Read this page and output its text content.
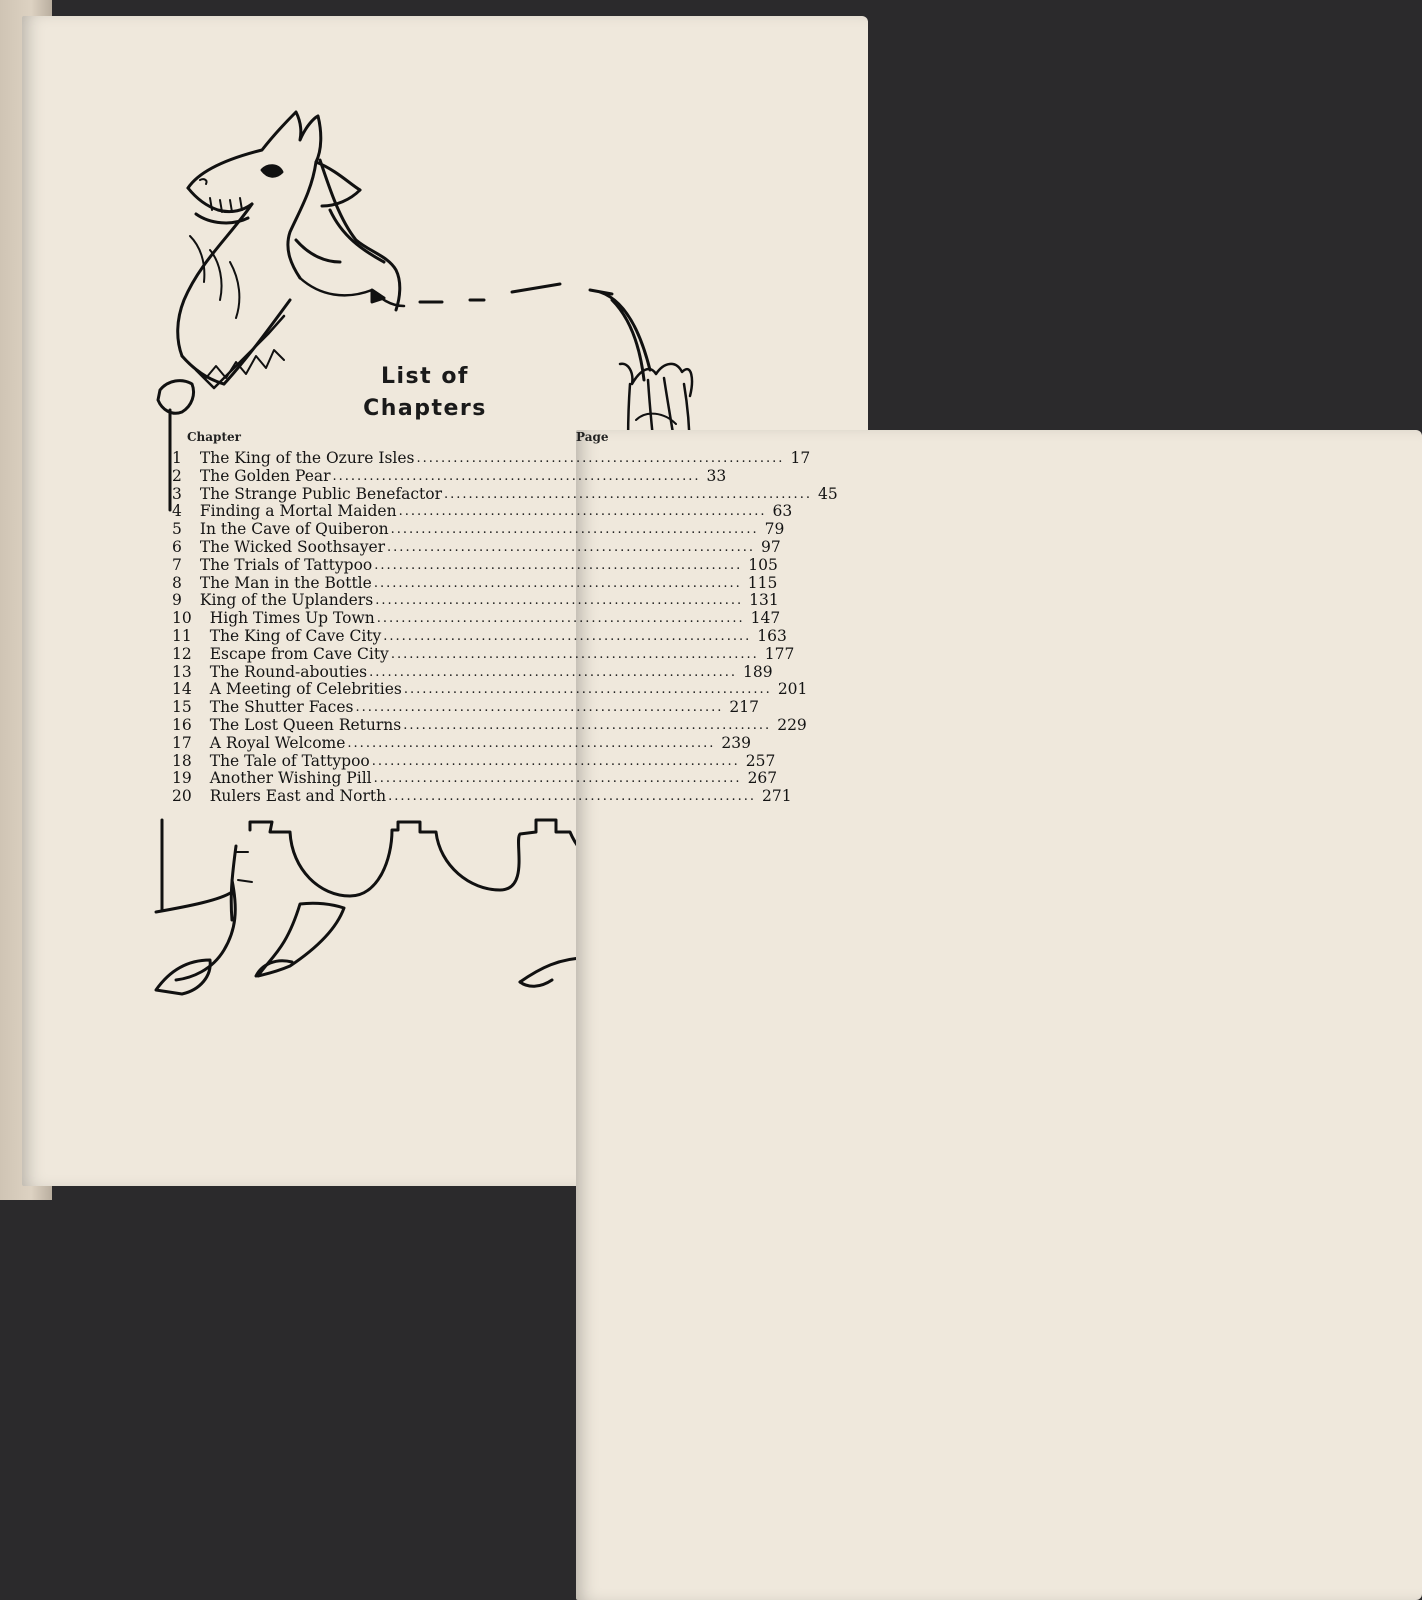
List of
Chapters
Chapter	Page
1 The King of the Ozure Isles ............................................................ 17
2 The Golden Pear ............................................................ 33
3 The Strange Public Benefactor ............................................................ 45
4 Finding a Mortal Maiden ............................................................ 63
5 In the Cave of Quiberon ............................................................ 79
6 The Wicked Soothsayer ............................................................ 97
7 The Trials of Tattypoo ............................................................ 105
8 The Man in the Bottle ............................................................ 115
9 King of the Uplanders ............................................................ 131
10 High Times Up Town ............................................................ 147
11 The King of Cave City ............................................................ 163
12 Escape from Cave City ............................................................ 177
13 The Round-abouties ............................................................ 189
14 A Meeting of Celebrities ............................................................ 201
15 The Shutter Faces ............................................................ 217
16 The Lost Queen Returns ............................................................ 229
17 A Royal Welcome ............................................................ 239
18 The Tale of Tattypoo ............................................................ 257
19 Another Wishing Pill ............................................................ 267
20 Rulers East and North ............................................................ 271
